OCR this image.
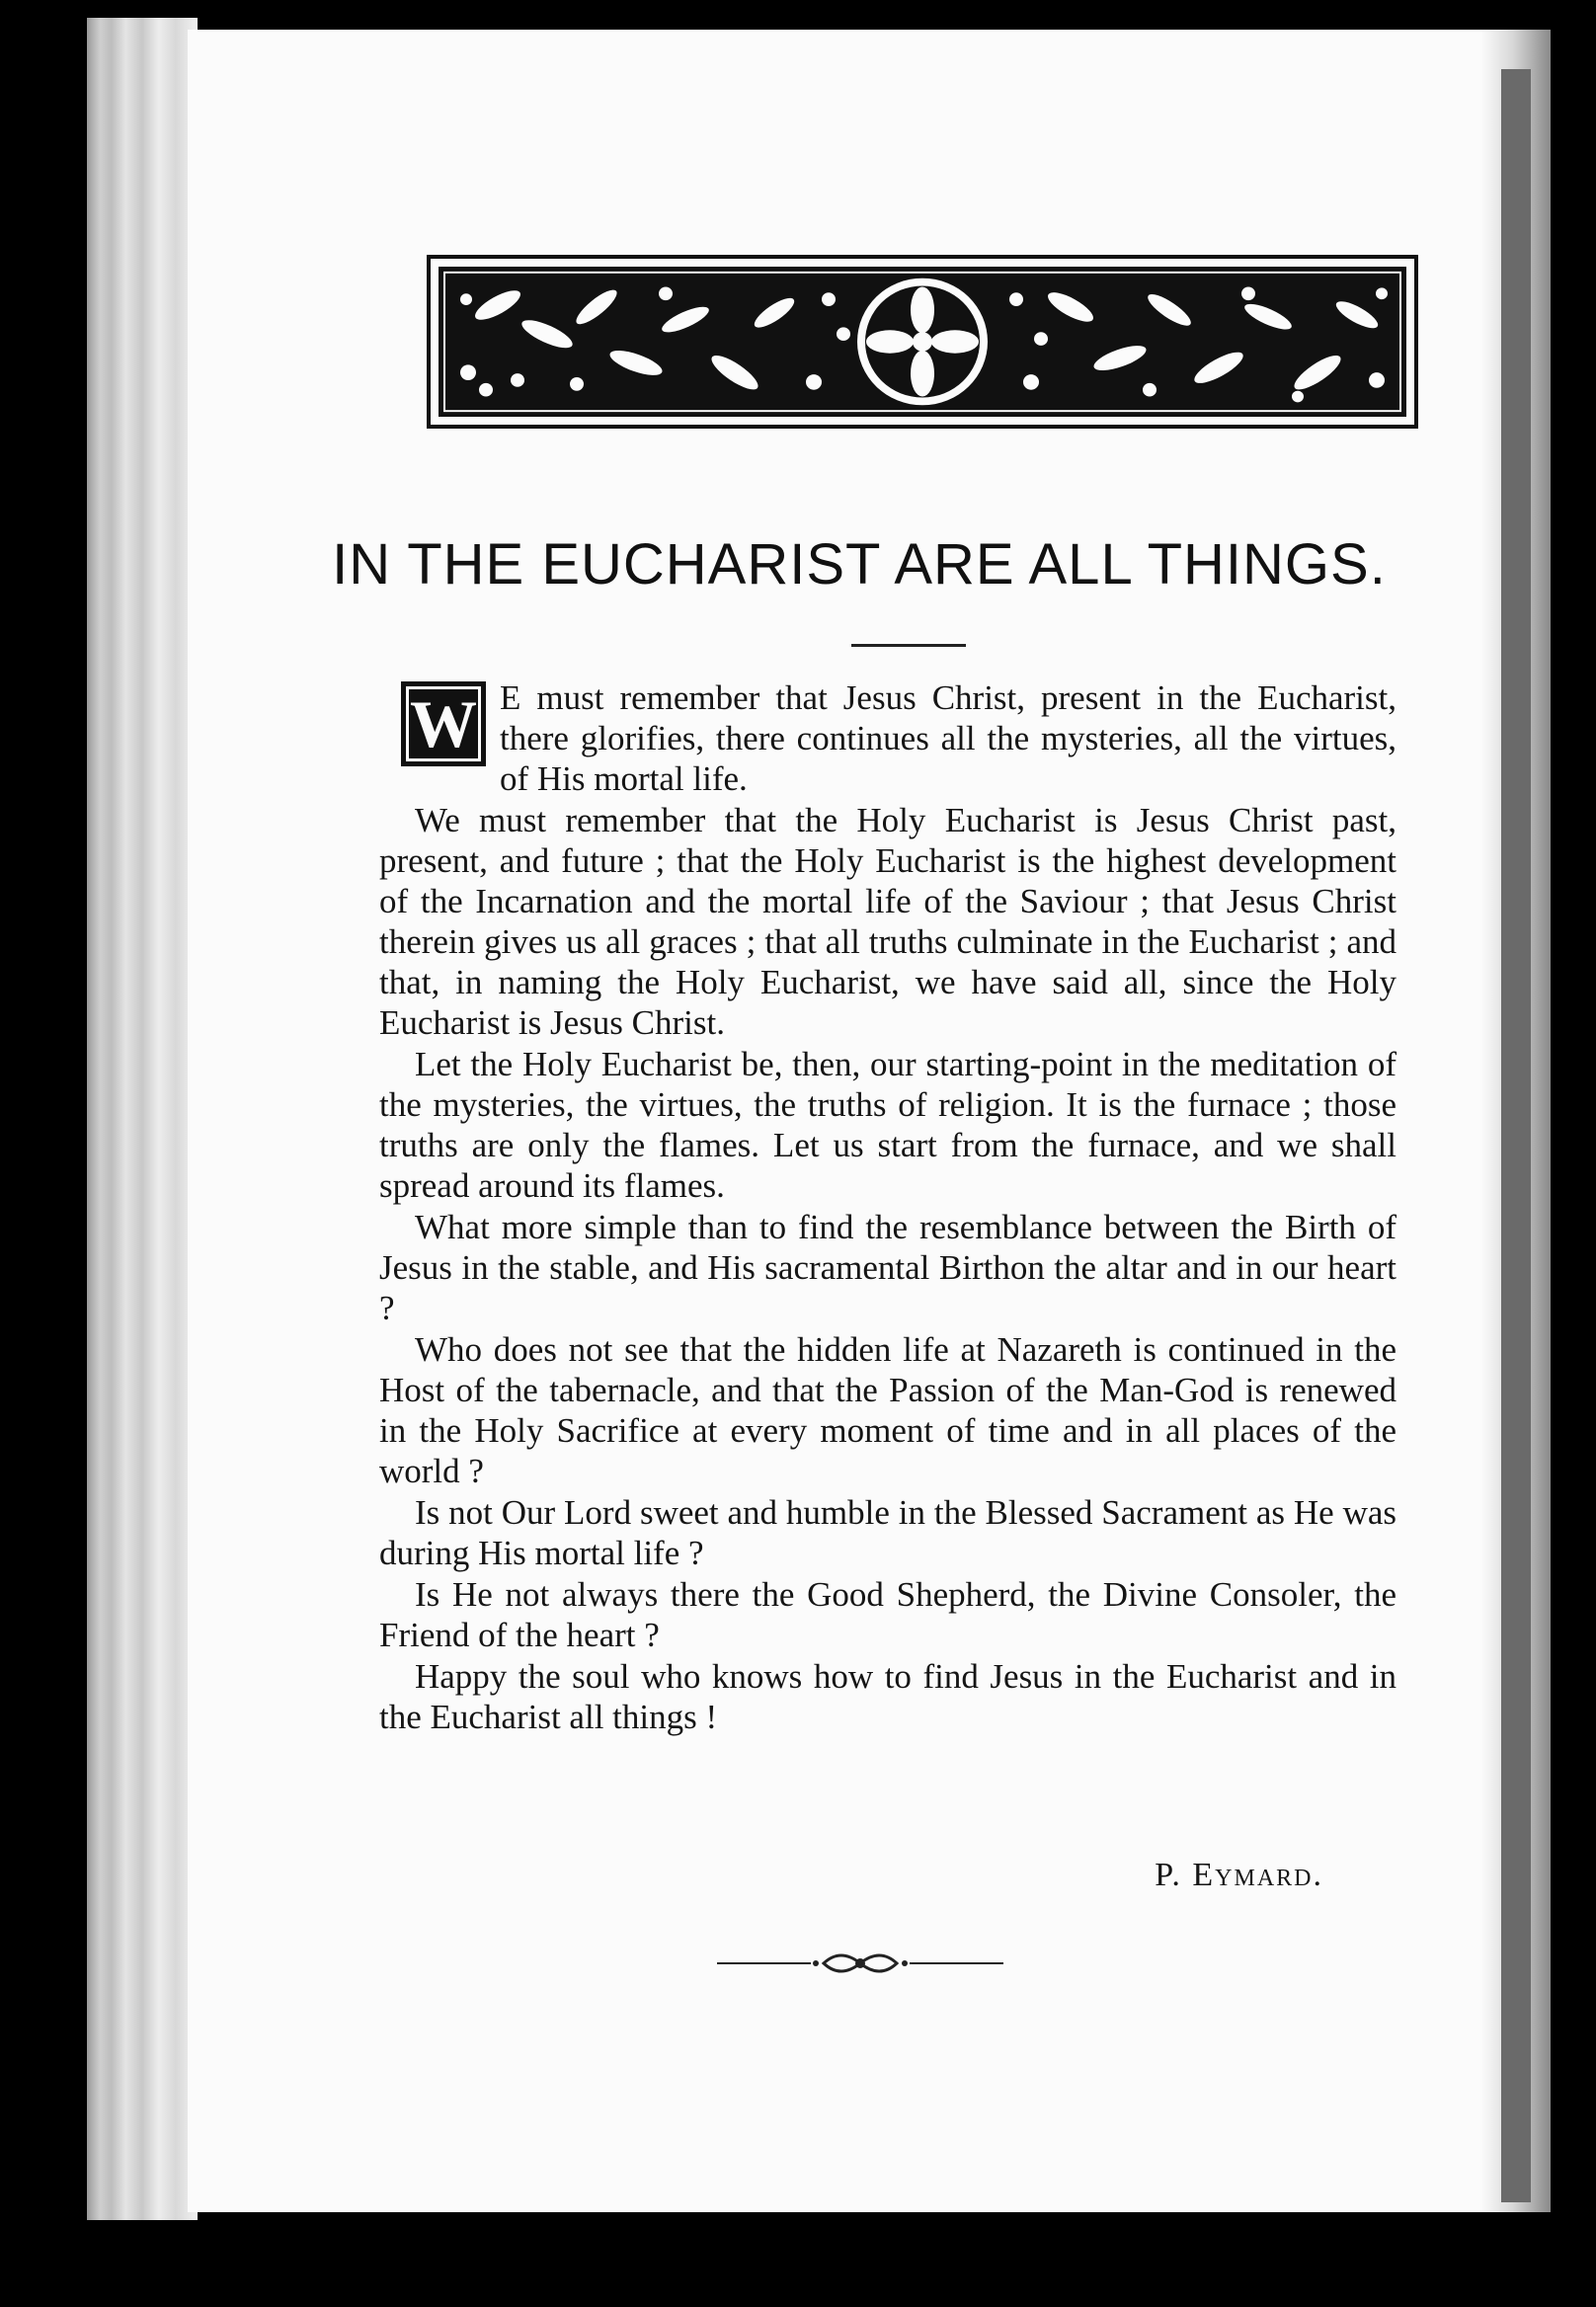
IN THE EUCHARIST ARE ALL THINGS.

W E must remember that Jesus Christ, present in the Eucharist, there glorifies, there continues all the mysteries, all the virtues, of His mortal life.

We must remember that the Holy Eucharist is Jesus Christ past, present, and future ; that the Holy Eucharist is the highest development of the Incarnation and the mortal life of the Saviour ; that Jesus Christ therein gives us all graces ; that all truths culminate in the Eucharist ; and that, in naming the Holy Eucharist, we have said all, since the Holy Eucharist is Jesus Christ.

Let the Holy Eucharist be, then, our starting-point in the meditation of the mysteries, the virtues, the truths of religion. It is the furnace ; those truths are only the flames. Let us start from the furnace, and we shall spread around its flames.

What more simple than to find the resemblance between the Birth of Jesus in the stable, and His sacramental Birthon the altar and in our heart ?

Who does not see that the hidden life at Nazareth is continued in the Host of the tabernacle, and that the Passion of the Man-God is renewed in the Holy Sacrifice at every moment of time and in all places of the world ?

Is not Our Lord sweet and humble in the Blessed Sacrament as He was during His mortal life ?

Is He not always there the Good Shepherd, the Divine Consoler, the Friend of the heart ?

Happy the soul who knows how to find Jesus in the Eucharist and in the Eucharist all things !

P. Eymard.
